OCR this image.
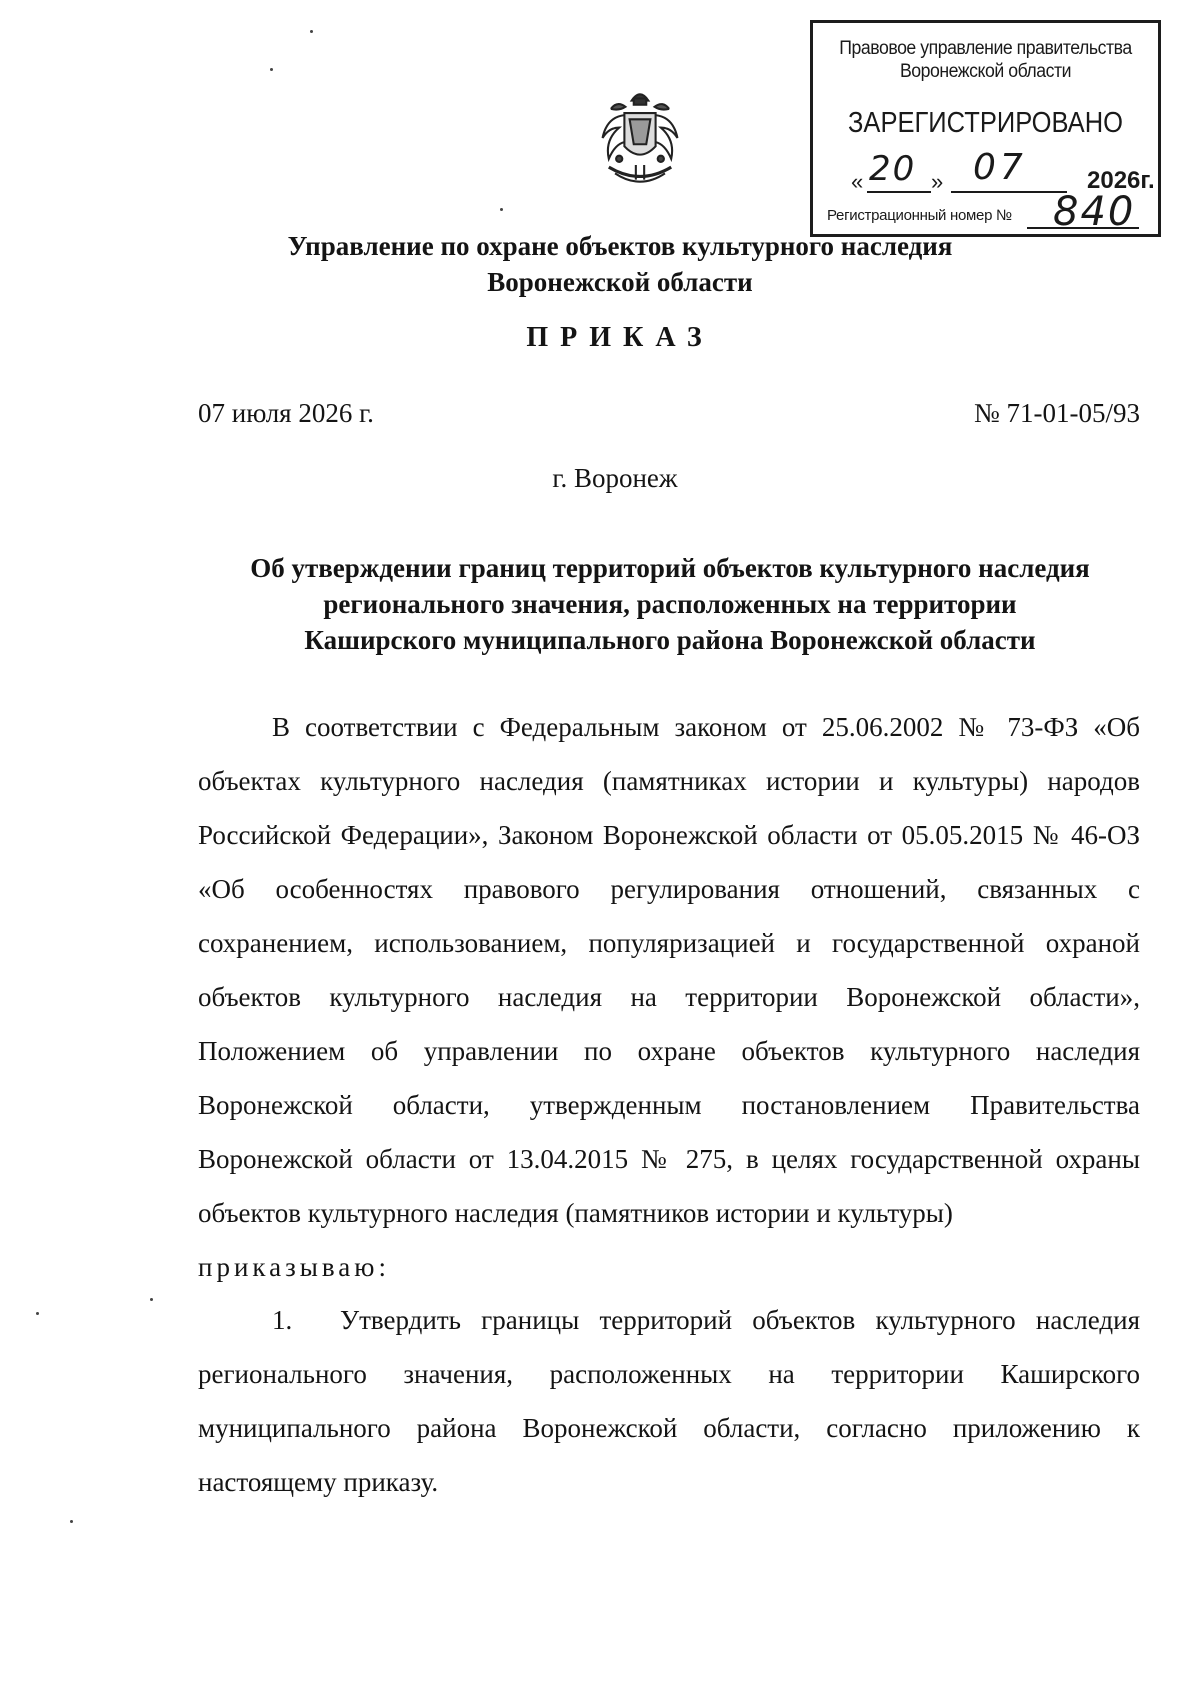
Правовое управление правительства
Воронежской области
ЗАРЕГИСТРИРОВАНО
« 20 » 07	2026г.
Регистрационный номер № 840
Управление по охране объектов культурного наследия
Воронежской области
ПРИКАЗ
07 июля 2026 г.	№ 71-01-05/93
г. Воронеж
Об утверждении границ территорий объектов культурного наследия регионального значения, расположенных на территории Каширского муниципального района Воронежской области
В соответствии с Федеральным законом от 25.06.2002 № 73-ФЗ «Об объектах культурного наследия (памятниках истории и культуры) народов Российской Федерации», Законом Воронежской области от 05.05.2015 № 46-ОЗ «Об особенностях правового регулирования отношений, связанных с сохранением, использованием, популяризацией и государственной охраной объектов культурного наследия на территории Воронежской области», Положением об управлении по охране объектов культурного наследия Воронежской области, утвержденным постановлением Правительства Воронежской области от 13.04.2015 № 275, в целях государственной охраны объектов культурного наследия (памятников истории и культуры)
приказываю:
1. Утвердить границы территорий объектов культурного наследия регионального значения, расположенных на территории Каширского муниципального района Воронежской области, согласно приложению к настоящему приказу.
